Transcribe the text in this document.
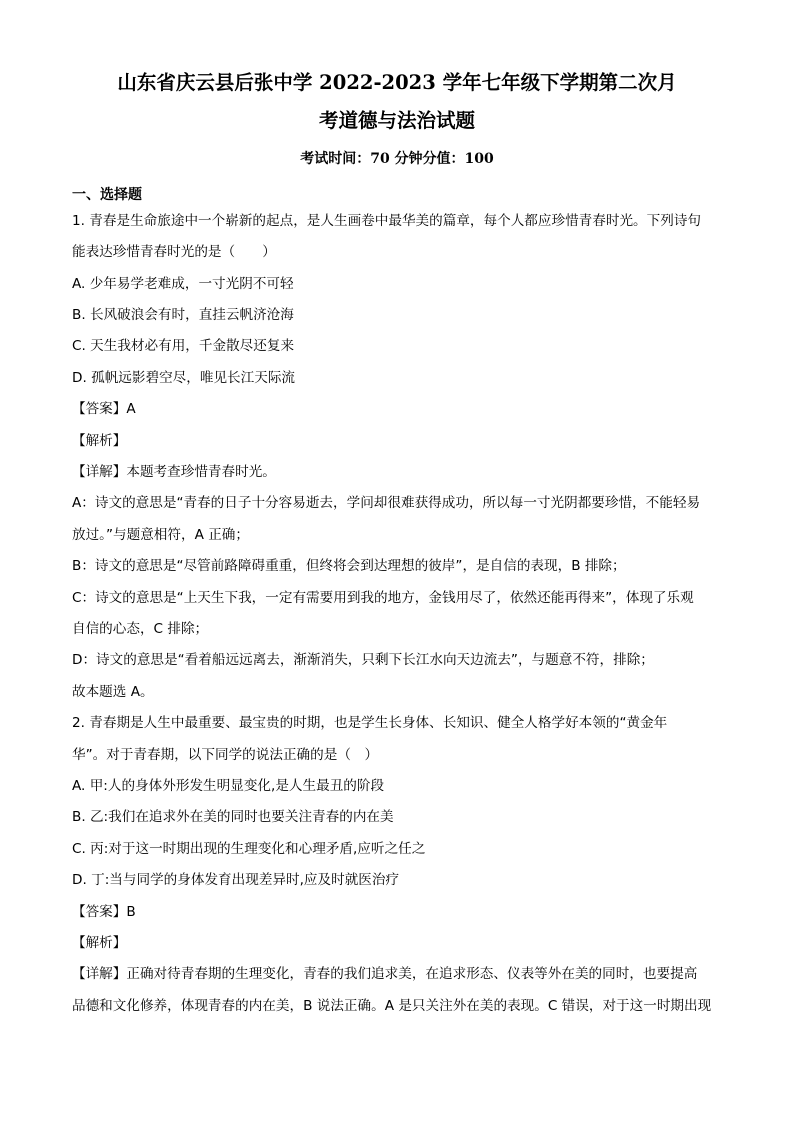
山东省庆云县后张中学 2022-2023 学年七年级下学期第二次月
考道德与法治试题
考试时间：70 分钟分值：100
一、选择题
1. 青春是生命旅途中一个崭新的起点，是人生画卷中最华美的篇章，每个人都应珍惜青春时光。下列诗句
能表达珍惜青春时光的是（　　）
A. 少年易学老难成，一寸光阴不可轻
B. 长风破浪会有时，直挂云帆济沧海
C. 天生我材必有用，千金散尽还复来
D. 孤帆远影碧空尽，唯见长江天际流
【答案】A
【解析】
【详解】本题考查珍惜青春时光。
A：诗文的意思是“青春的日子十分容易逝去，学问却很难获得成功，所以每一寸光阴都要珍惜，不能轻易
放过。”与题意相符，A 正确；
B：诗文的意思是“尽管前路障碍重重，但终将会到达理想的彼岸”，是自信的表现，B 排除；
C：诗文的意思是“上天生下我，一定有需要用到我的地方，金钱用尽了，依然还能再得来”，体现了乐观
自信的心态，C 排除；
D：诗文的意思是“看着船远远离去，渐渐消失，只剩下长江水向天边流去”，与题意不符，排除；
故本题选 A。
2. 青春期是人生中最重要、最宝贵的时期，也是学生长身体、长知识、健全人格学好本领的“黄金年
华”。对于青春期，以下同学的说法正确的是（　）
A. 甲:人的身体外形发生明显变化,是人生最丑的阶段
B. 乙:我们在追求外在美的同时也要关注青春的内在美
C. 丙:对于这一时期出现的生理变化和心理矛盾,应听之任之
D. 丁:当与同学的身体发育出现差异时,应及时就医治疗
【答案】B
【解析】
【详解】正确对待青春期的生理变化，青春的我们追求美，在追求形态、仪表等外在美的同时，也要提高
品德和文化修养，体现青春的内在美，B 说法正确。A 是只关注外在美的表现。C 错误，对于这一时期出现
